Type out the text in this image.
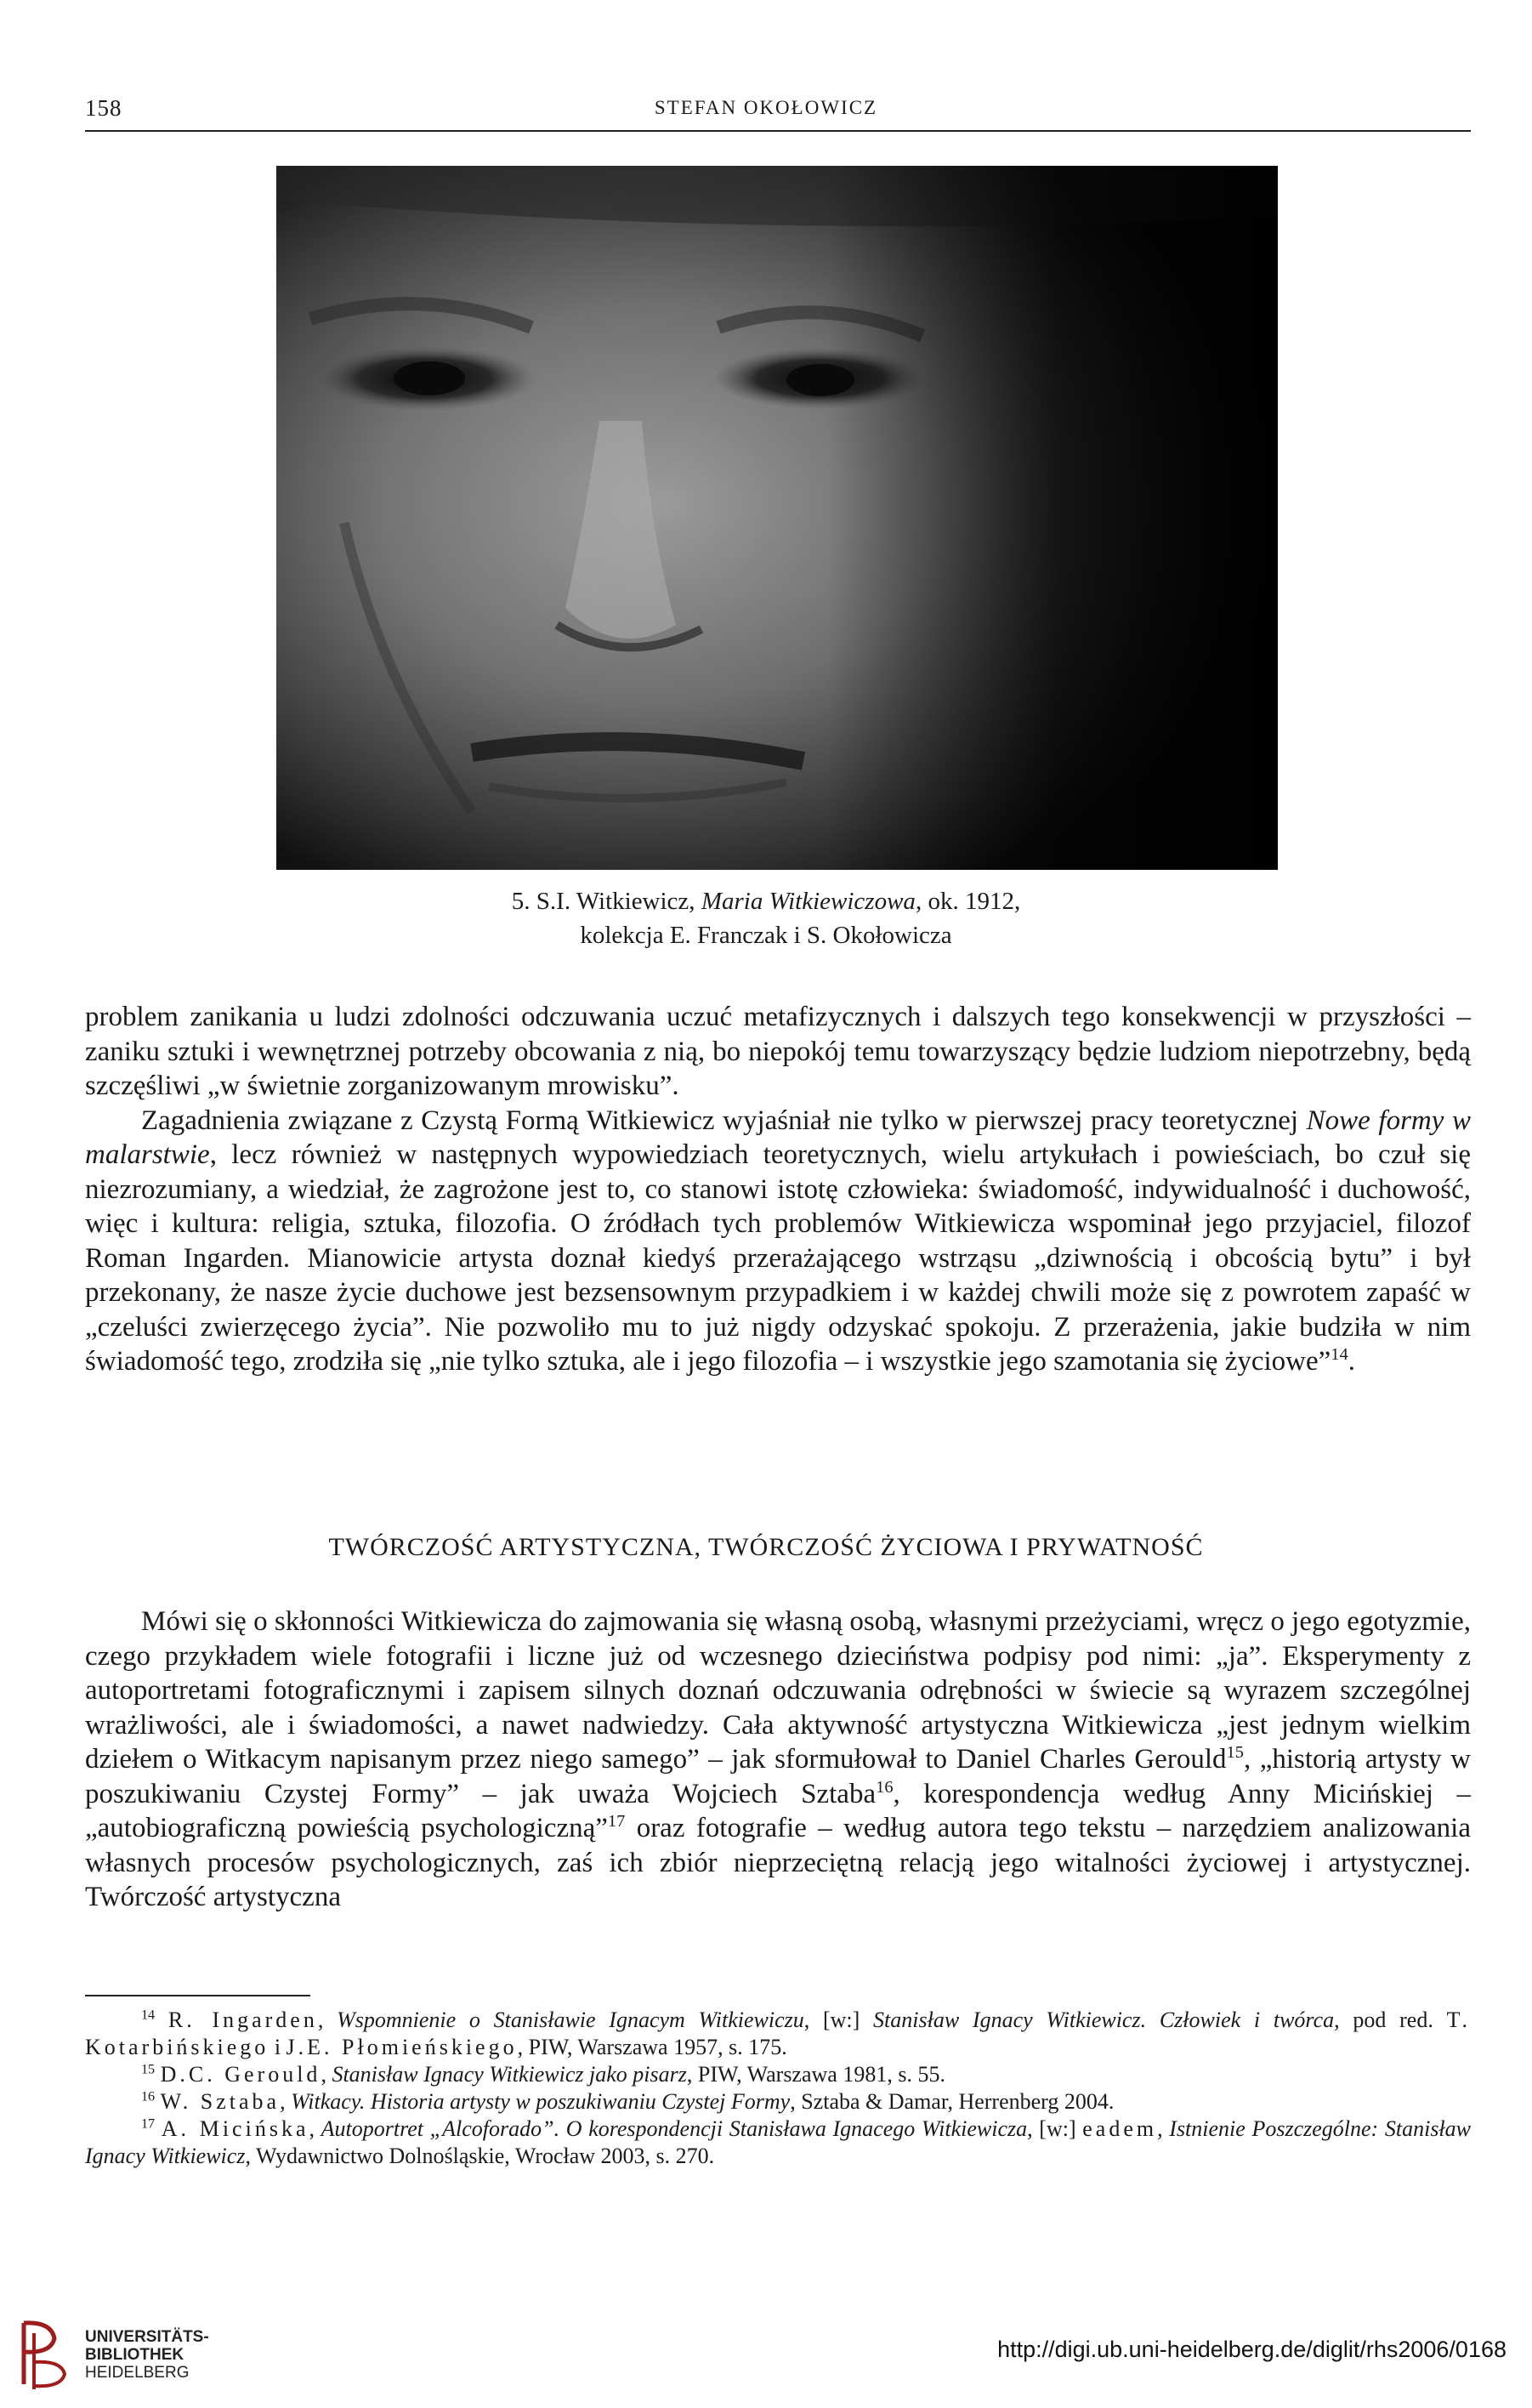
158	STEFAN OKOŁOWICZ
5. S.I. Witkiewicz, Maria Witkiewiczowa, ok. 1912,
kolekcja E. Franczak i S. Okołowicza

problem zanikania u ludzi zdolności odczuwania uczuć metafizycznych i dalszych tego konsekwencji w przyszłości – zaniku sztuki i wewnętrznej potrzeby obcowania z nią, bo niepokój temu towarzyszący będzie ludziom niepotrzebny, będą szczęśliwi „w świetnie zorganizowanym mrowisku”.

Zagadnienia związane z Czystą Formą Witkiewicz wyjaśniał nie tylko w pierwszej pracy teoretycznej Nowe formy w malarstwie, lecz również w następnych wypowiedziach teoretycznych, wielu artykułach i powieściach, bo czuł się niezrozumiany, a wiedział, że zagrożone jest to, co stanowi istotę człowieka: świadomość, indywidualność i duchowość, więc i kultura: religia, sztuka, filozofia. O źródłach tych problemów Witkiewicza wspominał jego przyjaciel, filozof Roman Ingarden. Mianowicie artysta doznał kiedyś przerażającego wstrząsu „dziwnością i obcością bytu” i był przekonany, że nasze życie duchowe jest bezsensownym przypadkiem i w każdej chwili może się z powrotem zapaść w „czeluści zwierzęcego życia”. Nie pozwoliło mu to już nigdy odzyskać spokoju. Z przerażenia, jakie budziła w nim świadomość tego, zrodziła się „nie tylko sztuka, ale i jego filozofia – i wszystkie jego szamotania się życiowe”$^{14}$.

TWÓRCZOŚĆ ARTYSTYCZNA, TWÓRCZOŚĆ ŻYCIOWA I PRYWATNOŚĆ

Mówi się o skłonności Witkiewicza do zajmowania się własną osobą, własnymi przeżyciami, wręcz o jego egotyzmie, czego przykładem wiele fotografii i liczne już od wczesnego dzieciństwa podpisy pod nimi: „ja”. Eksperymenty z autoportretami fotograficznymi i zapisem silnych doznań odczuwania odrębności w świecie są wyrazem szczególnej wrażliwości, ale i świadomości, a nawet nadwiedzy. Cała aktywność artystyczna Witkiewicza „jest jednym wielkim dziełem o Witkacym napisanym przez niego samego” – jak sformułował to Daniel Charles Gerould$^{15}$, „historią artysty w poszukiwaniu Czystej Formy” – jak uważa Wojciech Sztaba$^{16}$, korespondencja według Anny Micińskiej – „autobiograficzną powieścią psychologiczną”$^{17}$ oraz fotografie – według autora tego tekstu – narzędziem analizowania własnych procesów psychologicznych, zaś ich zbiór nieprzeciętną relacją jego witalności życiowej i artystycznej. Twórczość artystyczna

$^{14}$ R. Ingarden, Wspomnienie o Stanisławie Ignacym Witkiewiczu, [w:] Stanisław Ignacy Witkiewicz. Człowiek i twórca, pod red. T. Kotarbińskiego i J.E. Płomieńskiego, PIW, Warszawa 1957, s. 175.

$^{15}$ D.C. Gerould, Stanisław Ignacy Witkiewicz jako pisarz, PIW, Warszawa 1981, s. 55.

$^{16}$ W. Sztaba, Witkacy. Historia artysty w poszukiwaniu Czystej Formy, Sztaba & Damar, Herrenberg 2004.

$^{17}$ A. Micińska, Autoportret „Alcoforado”. O korespondencji Stanisława Ignacego Witkiewicza, [w:] eadem, Istnienie Poszczególne: Stanisław Ignacy Witkiewicz, Wydawnictwo Dolnośląskie, Wrocław 2003, s. 270.

UNIVERSITÄTS-
BIBLIOTHEK
HEIDELBERG
http://digi.ub.uni-heidelberg.de/diglit/rhs2006/0168
